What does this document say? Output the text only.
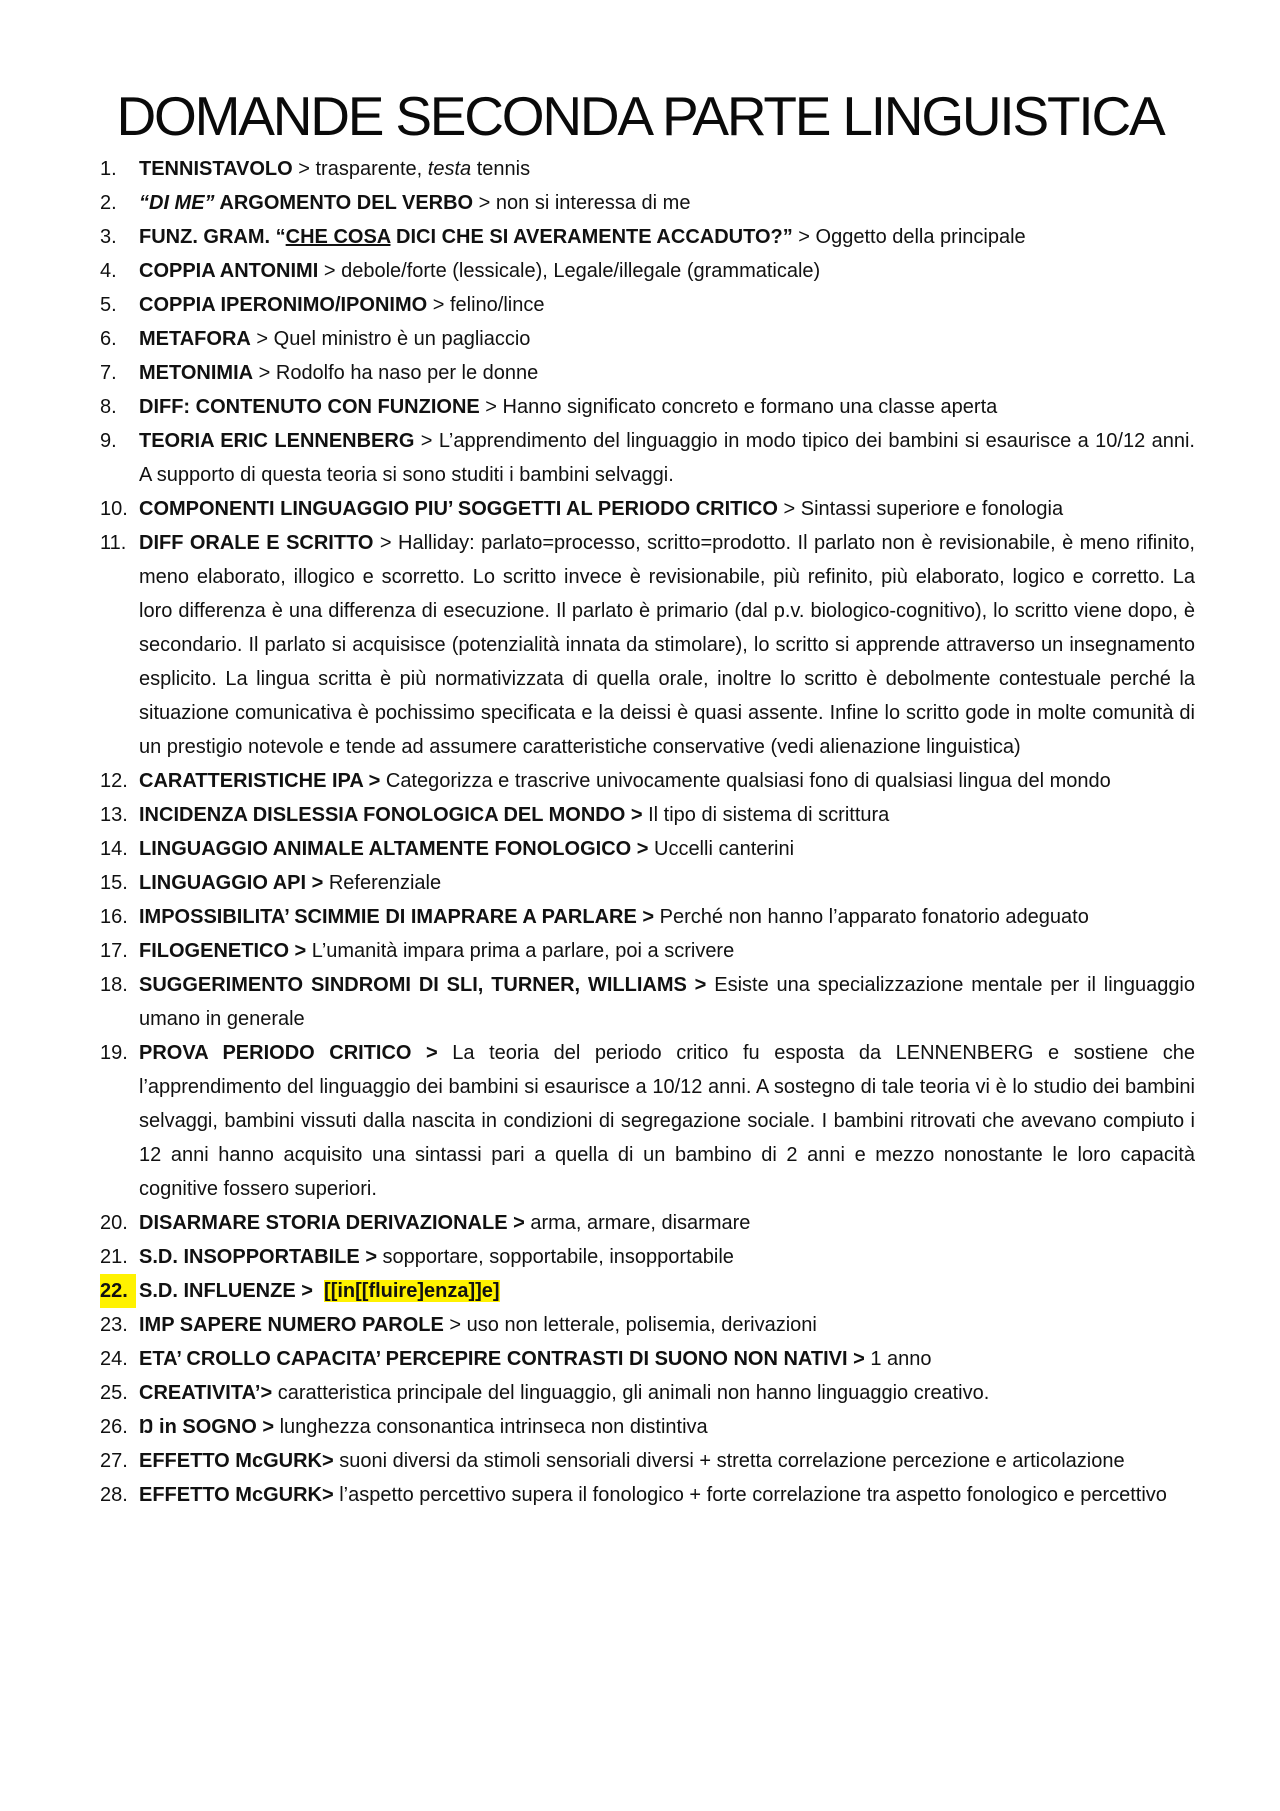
DOMANDE SECONDA PARTE LINGUISTICA
1.	TENNISTAVOLO > trasparente, testa tennis
2.	“DI ME” ARGOMENTO DEL VERBO > non si interessa di me
3.	FUNZ. GRAM. “CHE COSA DICI CHE SI AVERAMENTE ACCADUTO?” > Oggetto della principale
4.	COPPIA ANTONIMI > debole/forte (lessicale), Legale/illegale (grammaticale)
5.	COPPIA IPERONIMO/IPONIMO > felino/lince
6.	METAFORA > Quel ministro è un pagliaccio
7.	METONIMIA > Rodolfo ha naso per le donne
8.	DIFF: CONTENUTO CON FUNZIONE > Hanno significato concreto e formano una classe aperta
9.	TEORIA ERIC LENNENBERG > L’apprendimento del linguaggio in modo tipico dei bambini si esaurisce a 10/12 anni. A supporto di questa teoria si sono studiti i bambini selvaggi.
10. COMPONENTI LINGUAGGIO PIU’ SOGGETTI AL PERIODO CRITICO > Sintassi superiore e fonologia
11. DIFF ORALE E SCRITTO > Halliday: parlato=processo, scritto=prodotto. Il parlato non è revisionabile, è meno rifinito, meno elaborato, illogico e scorretto. Lo scritto invece è revisionabile, più refinito, più elaborato, logico e corretto. La loro differenza è una differenza di esecuzione. Il parlato è primario (dal p.v. biologico-cognitivo), lo scritto viene dopo, è secondario. Il parlato si acquisisce (potenzialità innata da stimolare), lo scritto si apprende attraverso un insegnamento esplicito. La lingua scritta è più normativizzata di quella orale, inoltre lo scritto è debolmente contestuale perché la situazione comunicativa è pochissimo specificata e la deissi è quasi assente. Infine lo scritto gode in molte comunità di un prestigio notevole e tende ad assumere caratteristiche conservative (vedi alienazione linguistica)
12. CARATTERISTICHE IPA > Categorizza e trascrive univocamente qualsiasi fono di qualsiasi lingua del mondo
13. INCIDENZA DISLESSIA FONOLOGICA DEL MONDO > Il tipo di sistema di scrittura
14. LINGUAGGIO ANIMALE ALTAMENTE FONOLOGICO > Uccelli canterini
15. LINGUAGGIO API > Referenziale
16. IMPOSSIBILITA’ SCIMMIE DI IMAPRARE A PARLARE > Perché non hanno l’apparato fonatorio adeguato
17. FILOGENETICO > L’umanità impara prima a parlare, poi a scrivere
18. SUGGERIMENTO SINDROMI DI SLI, TURNER, WILLIAMS > Esiste una specializzazione mentale per il linguaggio umano in generale
19. PROVA PERIODO CRITICO > La teoria del periodo critico fu esposta da LENNENBERG e sostiene che l’apprendimento del linguaggio dei bambini si esaurisce a 10/12 anni. A sostegno di tale teoria vi è lo studio dei bambini selvaggi, bambini vissuti dalla nascita in condizioni di segregazione sociale. I bambini ritrovati che avevano compiuto i 12 anni hanno acquisito una sintassi pari a quella di un bambino di 2 anni e mezzo nonostante le loro capacità cognitive fossero superiori.
20. DISARMARE STORIA DERIVAZIONALE > arma, armare, disarmare
21. S.D. INSOPPORTABILE > sopportare, sopportabile, insopportabile
22. S.D. INFLUENZE > [[in[[fluire]enza]]e]
23. IMP SAPERE NUMERO PAROLE > uso non letterale, polisemia, derivazioni
24. ETA’ CROLLO CAPACITA’ PERCEPIRE CONTRASTI DI SUONO NON NATIVI > 1 anno
25. CREATIVITA’> caratteristica principale del linguaggio, gli animali non hanno linguaggio creativo.
26. Ŋ in SOGNO > lunghezza consonantica intrinseca non distintiva
27. EFFETTO McGURK> suoni diversi da stimoli sensoriali diversi + stretta correlazione percezione e articolazione
28. EFFETTO McGURK> l’aspetto percettivo supera il fonologico + forte correlazione tra aspetto fonologico e percettivo
